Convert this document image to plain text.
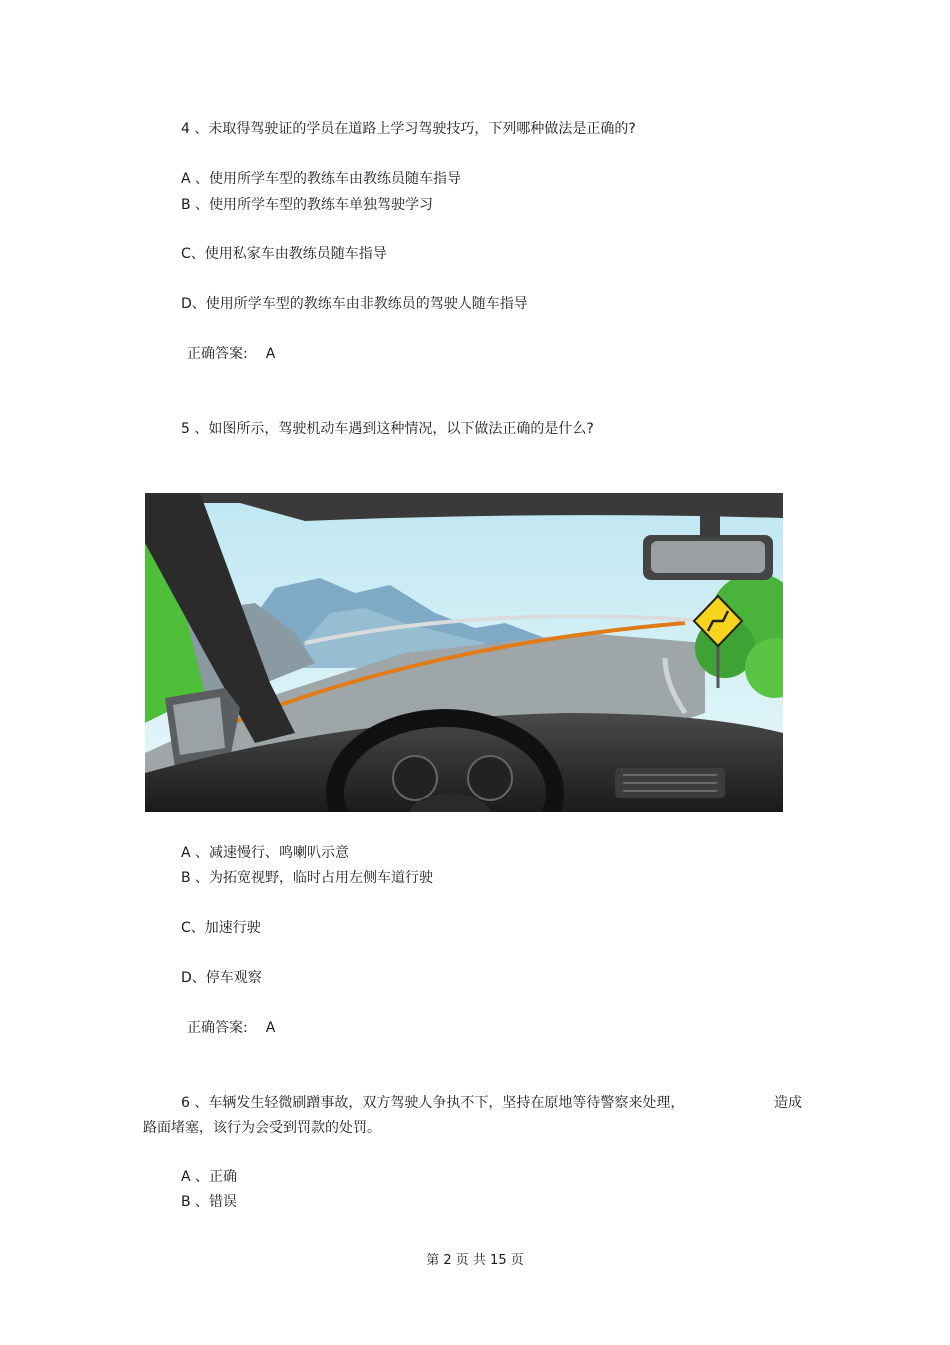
4 、未取得驾驶证的学员在道路上学习驾驶技巧，下列哪种做法是正确的?
A 、使用所学车型的教练车由教练员随车指导
B 、使用所学车型的教练车单独驾驶学习
C、使用私家车由教练员随车指导
D、使用所学车型的教练车由非教练员的驾驶人随车指导
正确答案: A
5 、如图所示，驾驶机动车遇到这种情况，以下做法正确的是什么?
A 、减速慢行、鸣喇叭示意
B 、为拓宽视野，临时占用左侧车道行驶
C、加速行驶
D、停车观察
正确答案: A
6 、车辆发生轻微刷蹭事故，双方驾驶人争执不下，坚持在原地等待警察来处理，	造成
路面堵塞，该行为会受到罚款的处罚。
A 、正确
B 、错误
第 2 页 共 15 页
